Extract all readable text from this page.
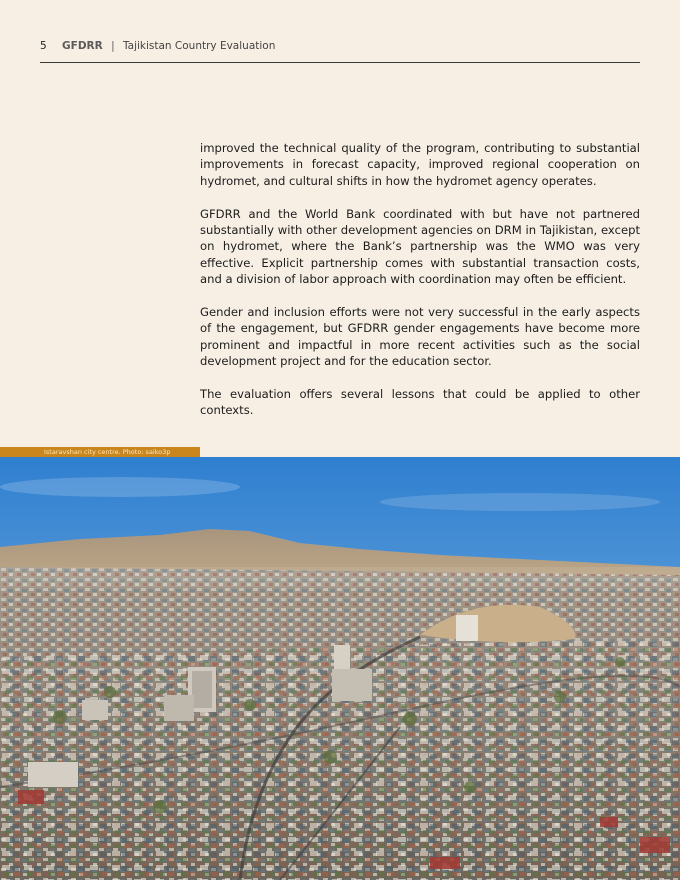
5 GFDRR | Tajikistan Country Evaluation

improved the technical quality of the program, contributing to substantial improvements in forecast capacity, improved regional cooperation on hydromet, and cultural shifts in how the hydromet agency operates.

GFDRR and the World Bank coordinated with but have not partnered substantially with other development agencies on DRM in Tajikistan, except on hydromet, where the Bank’s partnership was the WMO was very effective. Explicit partnership comes with substantial transaction costs, and a division of labor approach with coordination may often be efficient.

Gender and inclusion efforts were not very successful in the early aspects of the engagement, but GFDRR gender engagements have become more prominent and impactful in more recent activities such as the social development project and for the education sector.

The evaluation offers several lessons that could be applied to other contexts.

Istaravshan city centre. Photo: saiko3p
